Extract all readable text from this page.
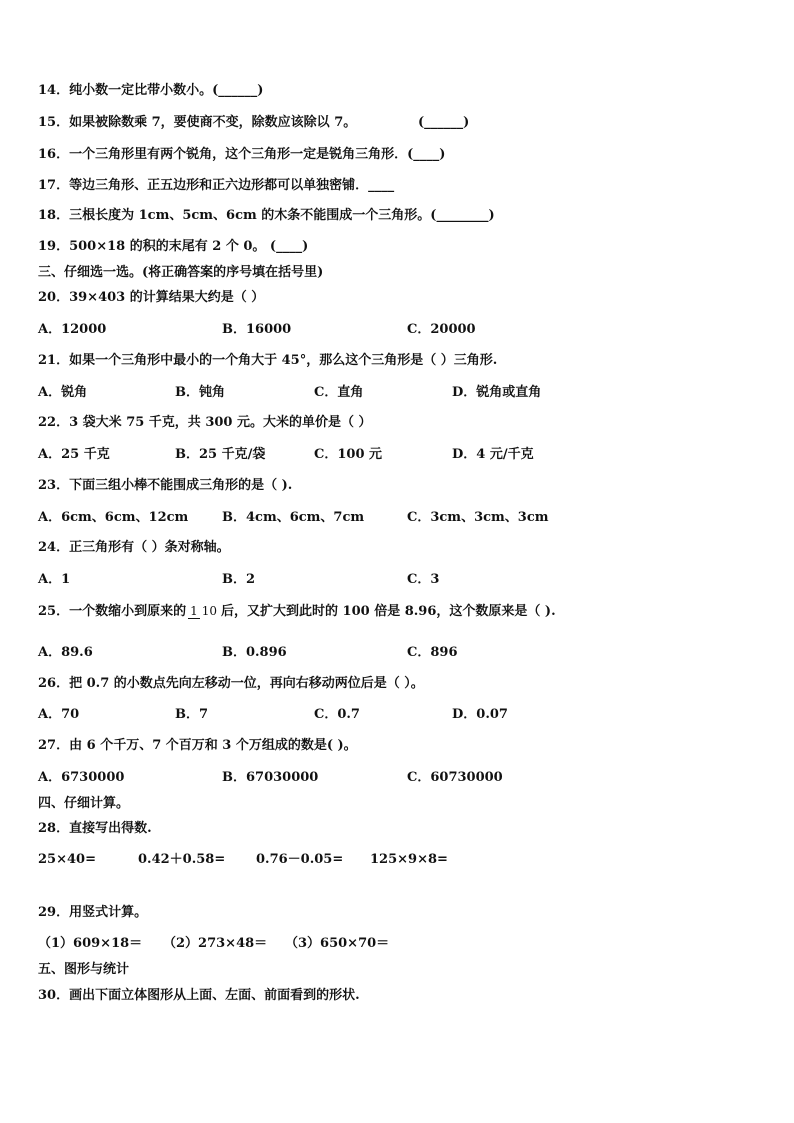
14．纯小数一定比带小数小。(______)
15．如果被除数乘 7，要使商不变，除数应该除以 7。	(______)
16．一个三角形里有两个锐角，这个三角形一定是锐角三角形．(____)
17．等边三角形、正五边形和正六边形都可以单独密铺．____
18．三根长度为 1cm、5cm、6cm 的木条不能围成一个三角形。(________)
19．500×18 的积的末尾有 2 个 0。 (____)
三、仔细选一选。(将正确答案的序号填在括号里)
20．39×403 的计算结果大约是（ ）
A．12000	B．16000	C．20000
21．如果一个三角形中最小的一个角大于 45°，那么这个三角形是（ ）三角形.
A．锐角	B．钝角	C．直角	D．锐角或直角
22．3 袋大米 75 千克，共 300 元。大米的单价是（ ）
A．25 千克	B．25 千克/袋	C．100 元	D．4 元/千克
23．下面三组小棒不能围成三角形的是（ ).
A．6cm、6cm、12cm	B．4cm、6cm、7cm	C．3cm、3cm、3cm
24．正三角形有（ ）条对称轴。
A．1	B．2	C．3
25．一个数缩小到原来的 1 10 后，又扩大到此时的 100 倍是 8.96，这个数原来是（ ).
A．89.6	B．0.896	C．896
26．把 0.7 的小数点先向左移动一位，再向右移动两位后是（ ）。
A．70	B．7	C．0.7	D．0.07
27．由 6 个千万、7 个百万和 3 个万组成的数是( )。
A．6730000	B．67030000	C．60730000
四、仔细计算。
28．直接写出得数.
25×40=	0.42＋0.58= 0.76－0.05= 125×9×8=
29．用竖式计算。
（1）609×18＝ （2）273×48＝ （3）650×70＝
五、图形与统计
30．画出下面立体图形从上面、左面、前面看到的形状.
